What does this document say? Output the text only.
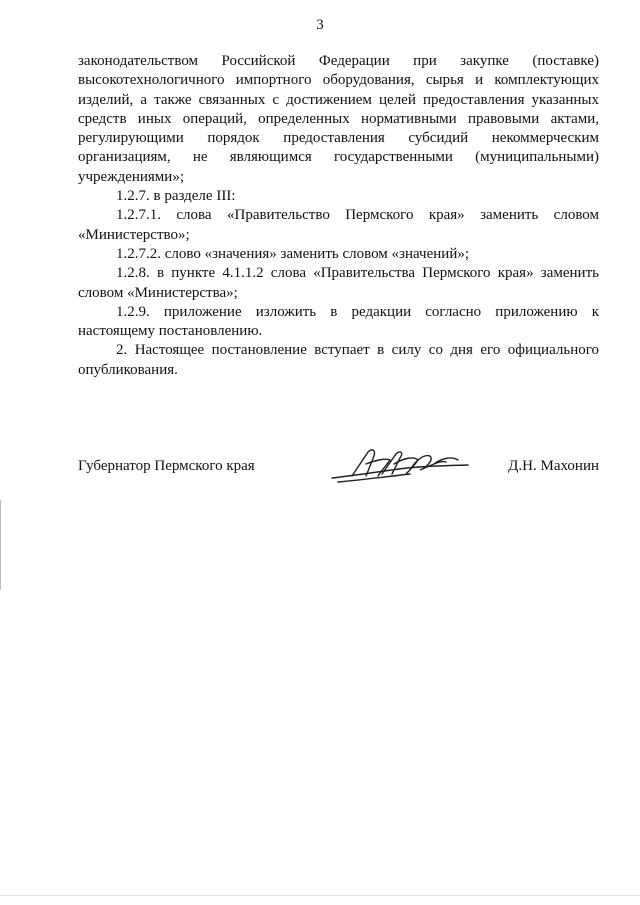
3

законодательством Российской Федерации при закупке (поставке) высокотехнологичного импортного оборудования, сырья и комплектующих изделий, а также связанных с достижением целей предоставления указанных средств иных операций, определенных нормативными правовыми актами, регулирующими порядок предоставления субсидий некоммерческим организациям, не являющимся государственными (муниципальными) учреждениями»;

1.2.7. в разделе III:

1.2.7.1. слова «Правительство Пермского края» заменить словом «Министерство»;

1.2.7.2. слово «значения» заменить словом «значений»;

1.2.8. в пункте 4.1.1.2 слова «Правительства Пермского края» заменить словом «Министерства»;

1.2.9. приложение изложить в редакции согласно приложению к настоящему постановлению.

2. Настоящее постановление вступает в силу со дня его официального опубликования.

Губернатор Пермского края	Д.Н. Махонин
